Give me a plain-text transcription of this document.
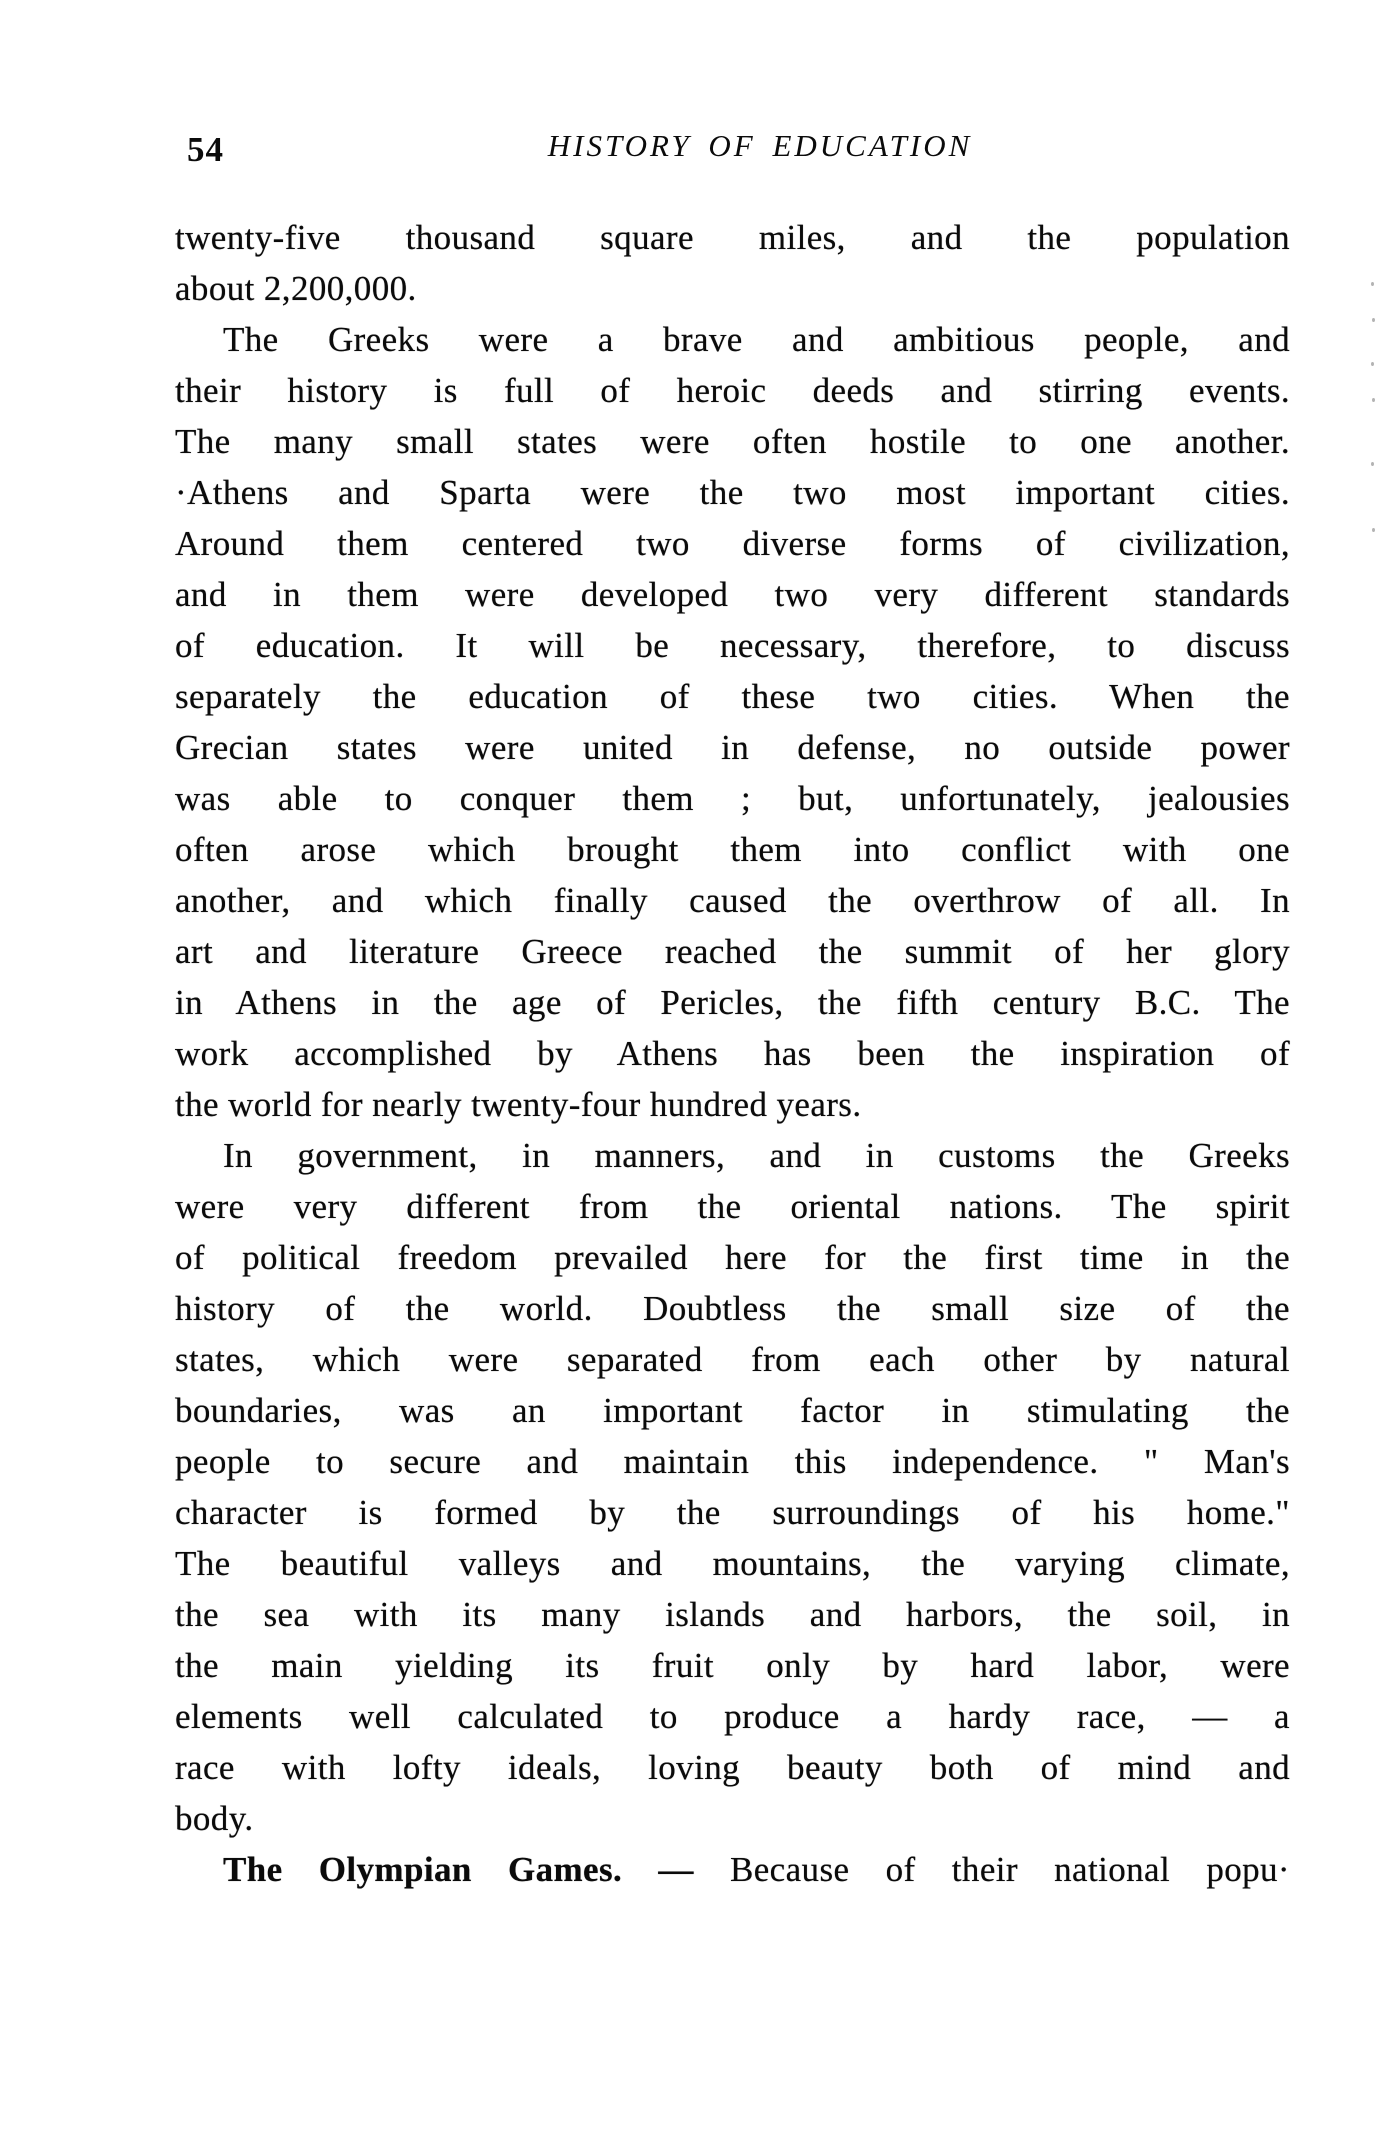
54	HISTORY OF EDUCATION
twenty-five thousand square miles, and the population
about 2,200,000.
The Greeks were a brave and ambitious people, and
their history is full of heroic deeds and stirring events.
The many small states were often hostile to one another.
·Athens and Sparta were the two most important cities.
Around them centered two diverse forms of civilization,
and in them were developed two very different standards
of education. It will be necessary, therefore, to discuss
separately the education of these two cities. When the
Grecian states were united in defense, no outside power
was able to conquer them ; but, unfortunately, jealousies
often arose which brought them into conflict with one
another, and which finally caused the overthrow of all. In
art and literature Greece reached the summit of her glory
in Athens in the age of Pericles, the fifth century B.C. The
work accomplished by Athens has been the inspiration of
the world for nearly twenty-four hundred years.
In government, in manners, and in customs the Greeks
were very different from the oriental nations. The spirit
of political freedom prevailed here for the first time in the
history of the world. Doubtless the small size of the
states, which were separated from each other by natural
boundaries, was an important factor in stimulating the
people to secure and maintain this independence. " Man's
character is formed by the surroundings of his home."
The beautiful valleys and mountains, the varying climate,
the sea with its many islands and harbors, the soil, in
the main yielding its fruit only by hard labor, were
elements well calculated to produce a hardy race, — a
race with lofty ideals, loving beauty both of mind and
body.
The Olympian Games. — Because of their national popu·
